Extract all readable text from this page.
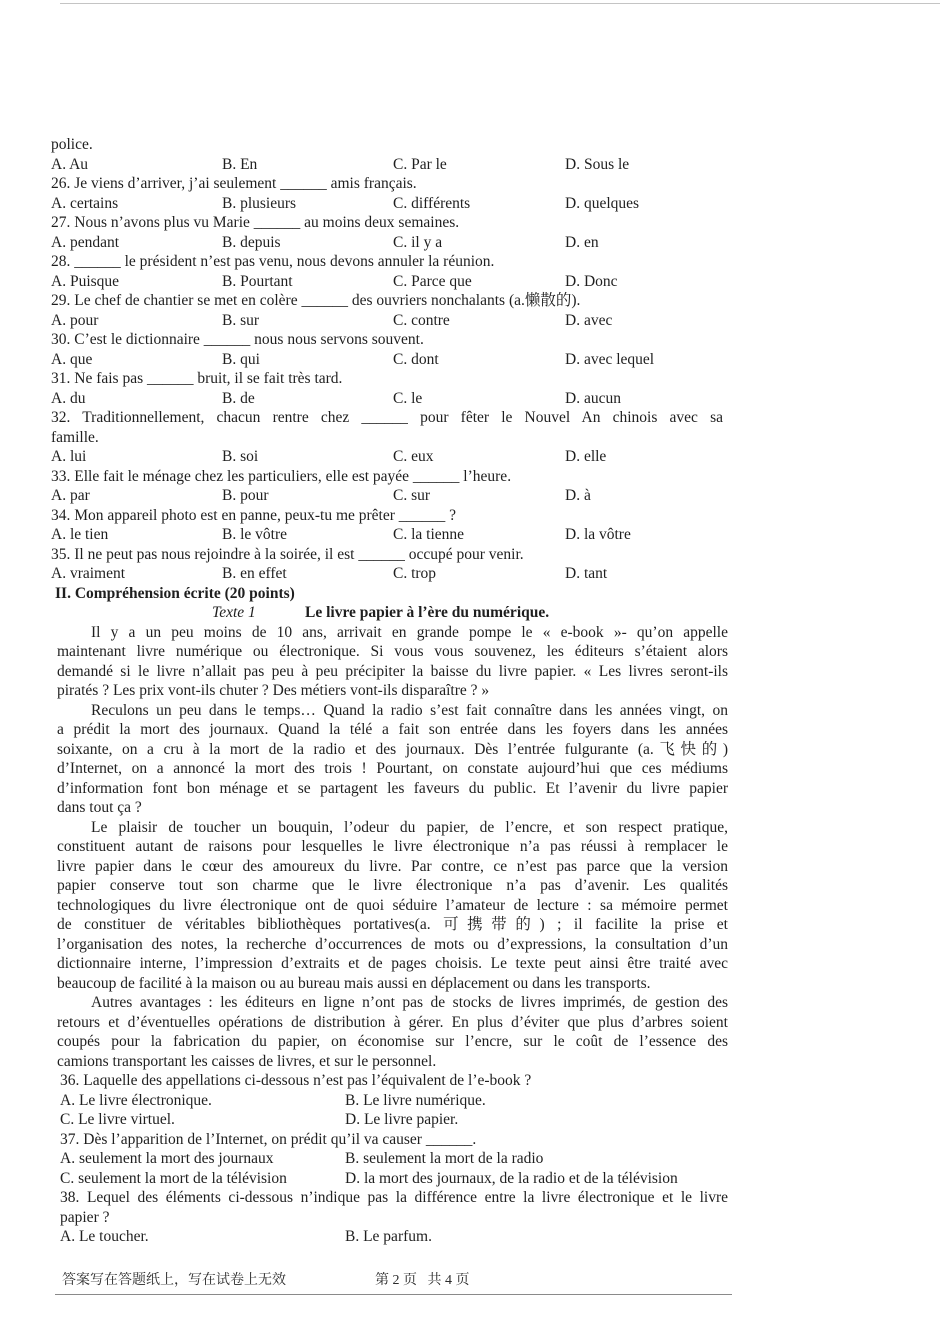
police.
A. Au	B. En	C. Par le	D. Sous le
26. Je viens d’arriver, j’ai seulement ______ amis français.
A. certains	B. plusieurs	C. différents	D. quelques
27. Nous n’avons plus vu Marie ______ au moins deux semaines.
A. pendant	B. depuis	C. il y a	D. en
28. ______ le président n’est pas venu, nous devons annuler la réunion.
A. Puisque	B. Pourtant	C. Parce que	D. Donc
29. Le chef de chantier se met en colère ______ des ouvriers nonchalants (a.懒散的).
A. pour	B. sur	C. contre	D. avec
30. C’est le dictionnaire ______ nous nous servons souvent.
A. que	B. qui	C. dont	D. avec lequel
31. Ne fais pas ______ bruit, il se fait très tard.
A. du	B. de	C. le	D. aucun
32. Traditionnellement, chacun rentre chez ______ pour fêter le Nouvel An chinois avec sa
famille.
A. lui	B. soi	C. eux	D. elle
33. Elle fait le ménage chez les particuliers, elle est payée ______ l’heure.
A. par	B. pour	C. sur	D. à
34. Mon appareil photo est en panne, peux-tu me prêter ______ ?
A. le tien	B. le vôtre	C. la tienne	D. la vôtre
35. Il ne peut pas nous rejoindre à la soirée, il est ______ occupé pour venir.
A. vraiment	B. en effet	C. trop	D. tant
II. Compréhension écrite (20 points)
Texte 1	Le livre papier à l’ère du numérique.
Il y a un peu moins de 10 ans, arrivait en grande pompe le « e-book »- qu’on appelle
maintenant livre numérique ou électronique. Si vous vous souvenez, les éditeurs s’étaient alors
demandé si le livre n’allait pas peu à peu précipiter la baisse du livre papier. « Les livres seront-ils
piratés ? Les prix vont-ils chuter ? Des métiers vont-ils disparaître ? »
Reculons un peu dans le temps… Quand la radio s’est fait connaître dans les années vingt, on
a prédit la mort des journaux. Quand la télé a fait son entrée dans les foyers dans les années
soixante, on a cru à la mort de la radio et des journaux. Dès l’entrée fulgurante (a.飞快的)
d’Internet, on a annoncé la mort des trois ! Pourtant, on constate aujourd’hui que ces médiums
d’information font bon ménage et se partagent les faveurs du public. Et l’avenir du livre papier
dans tout ça ?
Le plaisir de toucher un bouquin, l’odeur du papier, de l’encre, et son respect pratique,
constituent autant de raisons pour lesquelles le livre électronique n’a pas réussi à remplacer le
livre papier dans le cœur des amoureux du livre. Par contre, ce n’est pas parce que la version
papier conserve tout son charme que le livre électronique n’a pas d’avenir. Les qualités
technologiques du livre électronique ont de quoi séduire l’amateur de lecture : sa mémoire permet
de constituer de véritables bibliothèques portatives(a. 可携带的) ; il facilite la prise et
l’organisation des notes, la recherche d’occurrences de mots ou d’expressions, la consultation d’un
dictionnaire interne, l’impression d’extraits et de pages choisis. Le texte peut ainsi être traité avec
beaucoup de facilité à la maison ou au bureau mais aussi en déplacement ou dans les transports.
Autres avantages : les éditeurs en ligne n’ont pas de stocks de livres imprimés, de gestion des
retours et d’éventuelles opérations de distribution à gérer. En plus d’éviter que plus d’arbres soient
coupés pour la fabrication du papier, on économise sur l’encre, sur le coût de l’essence des
camions transportant les caisses de livres, et sur le personnel.
36. Laquelle des appellations ci-dessous n’est pas l’équivalent de l’e-book ?
A. Le livre électronique.	B. Le livre numérique.
C. Le livre virtuel.	D. Le livre papier.
37. Dès l’apparition de l’Internet, on prédit qu’il va causer ______.
A. seulement la mort des journaux	B. seulement la mort de la radio
C. seulement la mort de la télévision	D. la mort des journaux, de la radio et de la télévision
38. Lequel des éléments ci-dessous n’indique pas la différence entre la livre électronique et le livre
papier ?
A. Le toucher.	B. Le parfum.
答案写在答题纸上，写在试卷上无效	第 2 页   共 4 页
